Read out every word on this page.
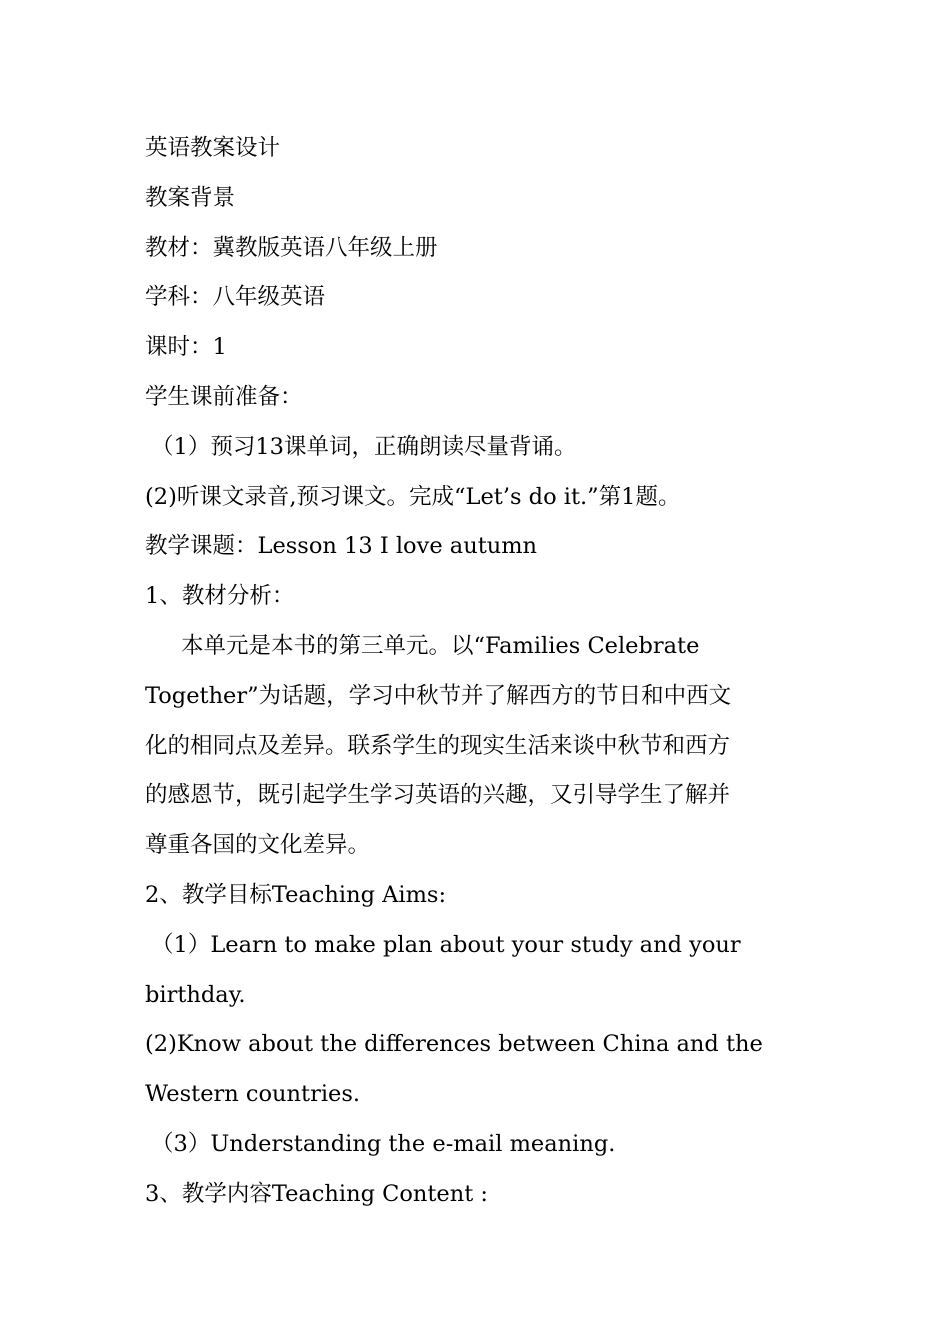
英语教案设计
教案背景
教材：冀教版英语八年级上册
学科：八年级英语
课时：1
学生课前准备：
（1）预习13课单词，正确朗读尽量背诵。
(2)听课文录音,预习课文。完成“Let’s do it.”第1题。
教学课题：Lesson 13 I love autumn
1、教材分析：
本单元是本书的第三单元。以“Families Celebrate
Together”为话题，学习中秋节并了解西方的节日和中西文
化的相同点及差异。联系学生的现实生活来谈中秋节和西方
的感恩节，既引起学生学习英语的兴趣，又引导学生了解并
尊重各国的文化差异。
2、教学目标Teaching Aims:
（1）Learn to make plan about your study and your
birthday.
(2)Know about the differences between China and the
Western countries.
（3）Understanding the e-mail meaning.
3、教学内容Teaching Content :
